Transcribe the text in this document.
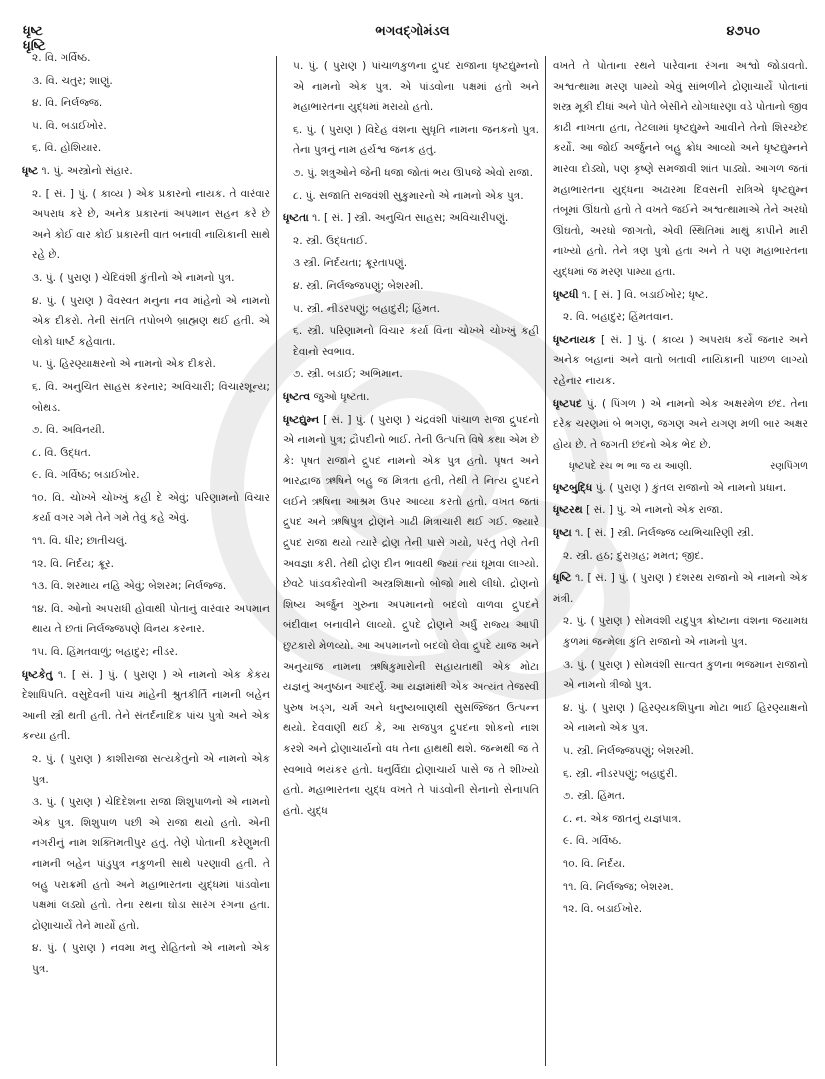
ધૃષ્ટ
ધૃષ્ટિ
ભગવદ્ગોમંડલ	૪૭૫૦
૨. વિ. ગર્વિષ્ઠ.
૩. વિ. ચતુર; શાણું.
૪. વિ. નિર્લજ્જ.
૫. વિ. બડાઈખોર.
૬. વિ. હોશિયાર.
ધૃષ્ટ ૧. પું. અસ્ત્રોનો સંહાર.
૨. [ સં. ] પું. ( કાવ્ય ) એક પ્રકારનો નાયક. તે વારંવાર અપરાધ કરે છે, અનેક પ્રકારનાં અપમાન સહન કરે છે અને કોઈ વાર કોઈ પ્રકારની વાત બનાવી નાયિકાની સાથે રહે છે.
૩. પું. ( પુરાણ ) ચેદિવંશી કુંતીનો એ નામનો પુત્ર.
૪. પું. ( પુરાણ ) વૈવસ્વત મનુના નવ માંહેનો એ નામનો એક દીકરો. તેની સંતતિ તપોબળે બ્રાહ્મણ થઈ હતી. એ લોકો ધાર્ષ્ટ કહેવાતા.
૫. પું. હિરણ્યાક્ષરનો એ નામનો એક દીકરો.
૬. વિ. અનુચિત સાહસ કરનાર; અવિચારી; વિચારશૂન્ય; બોથડ.
૭. વિ. અવિનયી.
૮. વિ. ઉદ્ધત.
૯. વિ. ગર્વિષ્ઠ; બડાઈખોર.
૧૦. વિ. ચોખ્ખે ચોખ્ખું કહી દે એવું; પરિણામનો વિચાર કર્યા વગર ગમે તેને ગમે તેવું કહે એવું.
૧૧. વિ. ધીર; છાતીચલું.
૧૨. વિ. નિર્દય; ક્રૂર.
૧૩. વિ. શરમાય નહિ એવું; બેશરમ; નિર્લજ્જ.
૧૪. વિ. ઓનો અપરાધી હોવાથી પોતાનું વારંવાર અપમાન થાય તે છતાં નિર્લજ્જપણે વિનય કરનાર.
૧૫. વિ. હિંમતવાળું; બહાદુર; નીડર.
ધૃષ્ટકેતુ ૧. [ સં. ] પું. ( પુરાણ ) એ નામનો એક કેકય દેશાધિપતિ. વસુદેવની પાંચ માંહેની શ્રુતકીર્તિ નામની બહેન આની સ્ત્રી થતી હતી. તેને સંતર્દનાદિક પાંચ પુત્રો અને એક કન્યા હતી.
૨. પું. ( પુરાણ ) કાશીરાજા સત્યકેતુનો એ નામનો એક પુત્ર.
૩. પું. ( પુરાણ ) ચેદિદેશના રાજા શિશુપાળનો એ નામનો એક પુત્ર. શિશુપાળ પછી એ રાજા થયો હતો. એની નગરીનું નામ શક્તિમતીપુર હતું. તેણે પોતાની કરેણુમતી નામની બહેન પાંડુપુત્ર નકુળની સાથે પરણાવી હતી. તે બહુ પરાક્રમી હતો અને મહાભારતના યુદ્ધમાં પાંડવોના પક્ષમાં લડ્યો હતો. તેના રથના ઘોડા સારંગ રંગના હતા. દ્રોણાચાર્યે તેને માર્યો હતો.
૪. પું. ( પુરાણ ) નવમા મનુ રોહિતનો એ નામનો એક પુત્ર.
૫. પું. ( પુરાણ ) પાંચાળકુળના દ્રુપદ રાજાના ધૃષ્ટદ્યુમ્નનો એ નામનો એક પુત્ર. એ પાંડવોના પક્ષમાં હતો અને મહાભારતના યુદ્ધમાં મરાયો હતો.
૬. પું. ( પુરાણ ) વિદેહ વંશના સુધૃતિ નામના જનકનો પુત્ર. તેના પુત્રનું નામ હર્યશ્વ જનક હતું.
૭. પું. શત્રુઓને જેની ધજા જોતાં ભય ઊપજે એવો રાજા.
૮. પું. સજાતિ રાજવંશી સુકુમારનો એ નામનો એક પુત્ર.
ધૃષ્ટતા ૧. [ સં. ] સ્ત્રી. અનુચિત સાહસ; અવિચારીપણું.
૨. સ્ત્રી. ઉદ્ધતાઈ.
૩ સ્ત્રી. નિર્દયતા; ક્રૂરતાપણું.
૪. સ્ત્રી. નિર્લજ્જપણું; બેશરમી.
૫. સ્ત્રી. નીડરપણું; બહાદુરી; હિંમત.
૬. સ્ત્રી. પરિણામનો વિચાર કર્યા વિના ચોખ્ખે ચોખ્ખું કહી દેવાનો સ્વભાવ.
૭. સ્ત્રી. બડાઈ; અભિમાન.
ધૃષ્ટત્વ જુઓ ધૃષ્ટતા.
ધૃષ્ટદ્યુમ્ન [ સં. ] પું. ( પુરાણ ) ચંદ્રવંશી પાંચાળ રાજા દ્રુપદનો એ નામનો પુત્ર; દ્રૌપદીનો ભાઈ. તેની ઉત્પત્તિ વિષે કથા એમ છે કે: પૃષત રાજાને દ્રુપદ નામનો એક પુત્ર હતો. પૃષત અને ભારદ્વાજ ઋષિને બહુ જ મિત્રતા હતી, તેથી તે નિત્ય દ્રુપદને લઈને ઋષિના આશ્રમ ઉપર આવ્યા કરતો હતો. વખત જતાં દ્રુપદ અને ઋષિપુત્ર દ્રોણને ગાઢી મિત્રાચારી થઈ ગઈ. જ્યારે દ્રુપદ રાજા થયો ત્યારે દ્રોણ તેની પાસે ગયો, પરંતુ તેણે તેની અવજ્ઞા કરી. તેથી દ્રોણ દીન ભાવથી જ્યાં ત્યાં ઘૂમવા લાગ્યો. છેવટે પાંડવકૌરવોની અસ્ત્રશિક્ષાનો બોજો માથે લીધો. દ્રોણનો શિષ્ય અર્જુન ગુરુના અપમાનનો બદલો વાળવા દ્રુપદને બંદીવાન બનાવીને લાવ્યો. દ્રુપદે દ્રોણને અર્ધું રાજ્ય આપી છુટકારો મેળવ્યો. આ અપમાનનો બદલો લેવા દ્રુપદે યાજ અને અનુયાજ નામના ઋષિકુમારોની સહાયતાથી એક મોટા યજ્ઞનું અનુષ્ઠાન આદર્યું. આ યજ્ઞમાંથી એક અત્યંત તેજસ્વી પુરુષ ખડ્ગ, ચર્મ અને ધનુષ્યબાણથી સુસજ્જિત ઉત્પન્ન થયો. દેવવાણી થઈ કે, આ રાજપુત્ર દ્રુપદના શોકનો નાશ કરશે અને દ્રોણાચાર્યનો વધ તેના હાથથી થશે. જન્મથી જ તે સ્વભાવે ભયંકર હતો. ધનુર્વિદ્યા દ્રોણાચાર્ય પાસે જ તે શીખ્યો હતો. મહાભારતના યુદ્ધ વખતે તે પાંડવોની સેનાનો સેનાપતિ હતો. યુદ્ધ
વખતે તે પોતાના રથને પારેવાના રંગના અશ્વો જોડાવતો. અશ્વત્થામા મરણ પામ્યો એવું સાંભળીને દ્રોણાચાર્યે પોતાનાં શસ્ત્ર મૂકી દીધાં અને પોતે બેસીને યોગધારણા વડે પોતાનો જીવ કાઢી નાખતા હતા, તેટલામાં ધૃષ્ટદ્યુમ્ને આવીને તેનો શિરચ્છેદ કર્યો. આ જોઈ અર્જુનને બહુ ક્રોધ આવ્યો અને ધૃષ્ટદ્યુમ્નને મારવા દોડ્યો, પણ કૃષ્ણે સમજાવી શાંત પાડ્યો. આગળ જતાં મહાભારતના યુદ્ધના અઢારમા દિવસની રાત્રિએ ધૃષ્ટદ્યુમ્ન તંબૂમાં ઊંઘતો હતો તે વખતે જઈને અશ્વત્થામાએ તેને અરધો ઊંઘતો, અરધો જાગતો, એવી સ્થિતિમાં માથું કાપીને મારી નાખ્યો હતો. તેને ત્રણ પુત્રો હતા અને તે પણ મહાભારતના યુદ્ધમાં જ મરણ પામ્યા હતા.
ધૃષ્ટધી ૧. [ સં. ] વિ. બડાઈખોર; ધૃષ્ટ.
૨. વિ. બહાદુર; હિંમતવાન.
ધૃષ્ટનાયક [ સં. ] પું. ( કાવ્ય ) અપરાધ કર્યે જનાર અને અનેક બહાનાં અને વાતો બતાવી નાયિકાની પાછળ લાગ્યો રહેનાર નાયક.
ધૃષ્ટપદ પું. ( પિંગળ ) એ નામનો એક અક્ષરમેળ છંદ. તેના દરેક ચરણમાં બે ભગણ, જગણ અને યગણ મળી બાર અક્ષર હોય છે. તે જગતી છંદનો એક ભેદ છે.
ધૃષ્ટપદે રચ ભ ભા જ ય આણી.	રણપિંગળ
ધૃષ્ટબુદ્ધિ પું. ( પુરાણ ) કુંતલ રાજાનો એ નામનો પ્રધાન.
ધૃષ્ટરથ [ સં. ] પું. એ નામનો એક રાજા.
ધૃષ્ટા ૧. [ સં. ] સ્ત્રી. નિર્લજ્જ વ્યભિચારિણી સ્ત્રી.
૨. સ્ત્રી. હઠ; દુરાગ્રહ; મમત; જીદ.
ધૃષ્ટિ ૧. [ સં. ] પું. ( પુરાણ ) દશરથ રાજાનો એ નામનો એક મંત્રી.
૨. પું. ( પુરાણ ) સોમવંશી યદુપુત્ર ક્રોષ્ટાના વંશના જયામઘ કુળમાં જન્મેલા કુંતિ રાજાનો એ નામનો પુત્ર.
૩. પું. ( પુરાણ ) સોમવંશી સાત્વત કુળના ભજમાન રાજાનો એ નામનો ત્રીજો પુત્ર.
૪. પું. ( પુરાણ ) હિરણ્યકશિપુના મોટા ભાઈ હિરણ્યાક્ષનો એ નામનો એક પુત્ર.
૫. સ્ત્રી. નિર્લજ્જપણું; બેશરમી.
૬. સ્ત્રી. નીડરપણું; બહાદુરી.
૭. સ્ત્રી. હિંમત.
૮. ન. એક જાતનું યજ્ઞપાત્ર.
૯. વિ. ગર્વિષ્ઠ.
૧૦. વિ. નિર્દય.
૧૧. વિ. નિર્લજ્જ; બેશરમ.
૧૨. વિ. બડાઈખોર.
